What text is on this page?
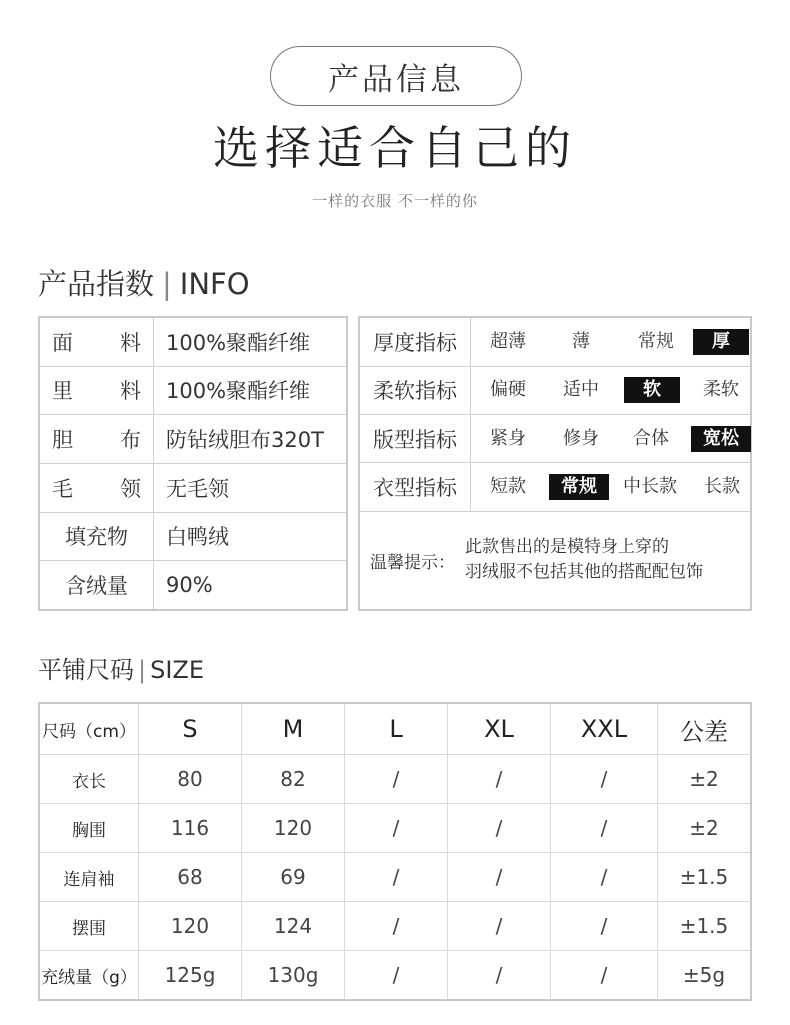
产品信息
选择适合自己的
一样的衣服 不一样的你
产品指数 | INFO
面 料	100%聚酯纤维

里 料	100%聚酯纤维

胆 布	防钻绒胆布320T

毛 领	无毛领
填充物	白鸭绒
含绒量	90%
厚度指标	超薄 薄 常规 厚

柔软指标	偏硬 适中 软 柔软

版型指标	紧身 修身 合体 宽松

衣型指标	短款 常规 中长款 长款

温馨提示：
此款售出的是模特身上穿的
羽绒服不包括其他的搭配配包饰	
平铺尺码 | SIZE
尺码（cm）	S	M	L	XL	XXL	公差
衣长	80	82	/	/	/	±2
胸围	116	120	/	/	/	±2
连肩袖	68	69	/	/	/	±1.5
摆围	120	124	/	/	/	±1.5
充绒量（g）	125g	130g	/	/	/	±5g
